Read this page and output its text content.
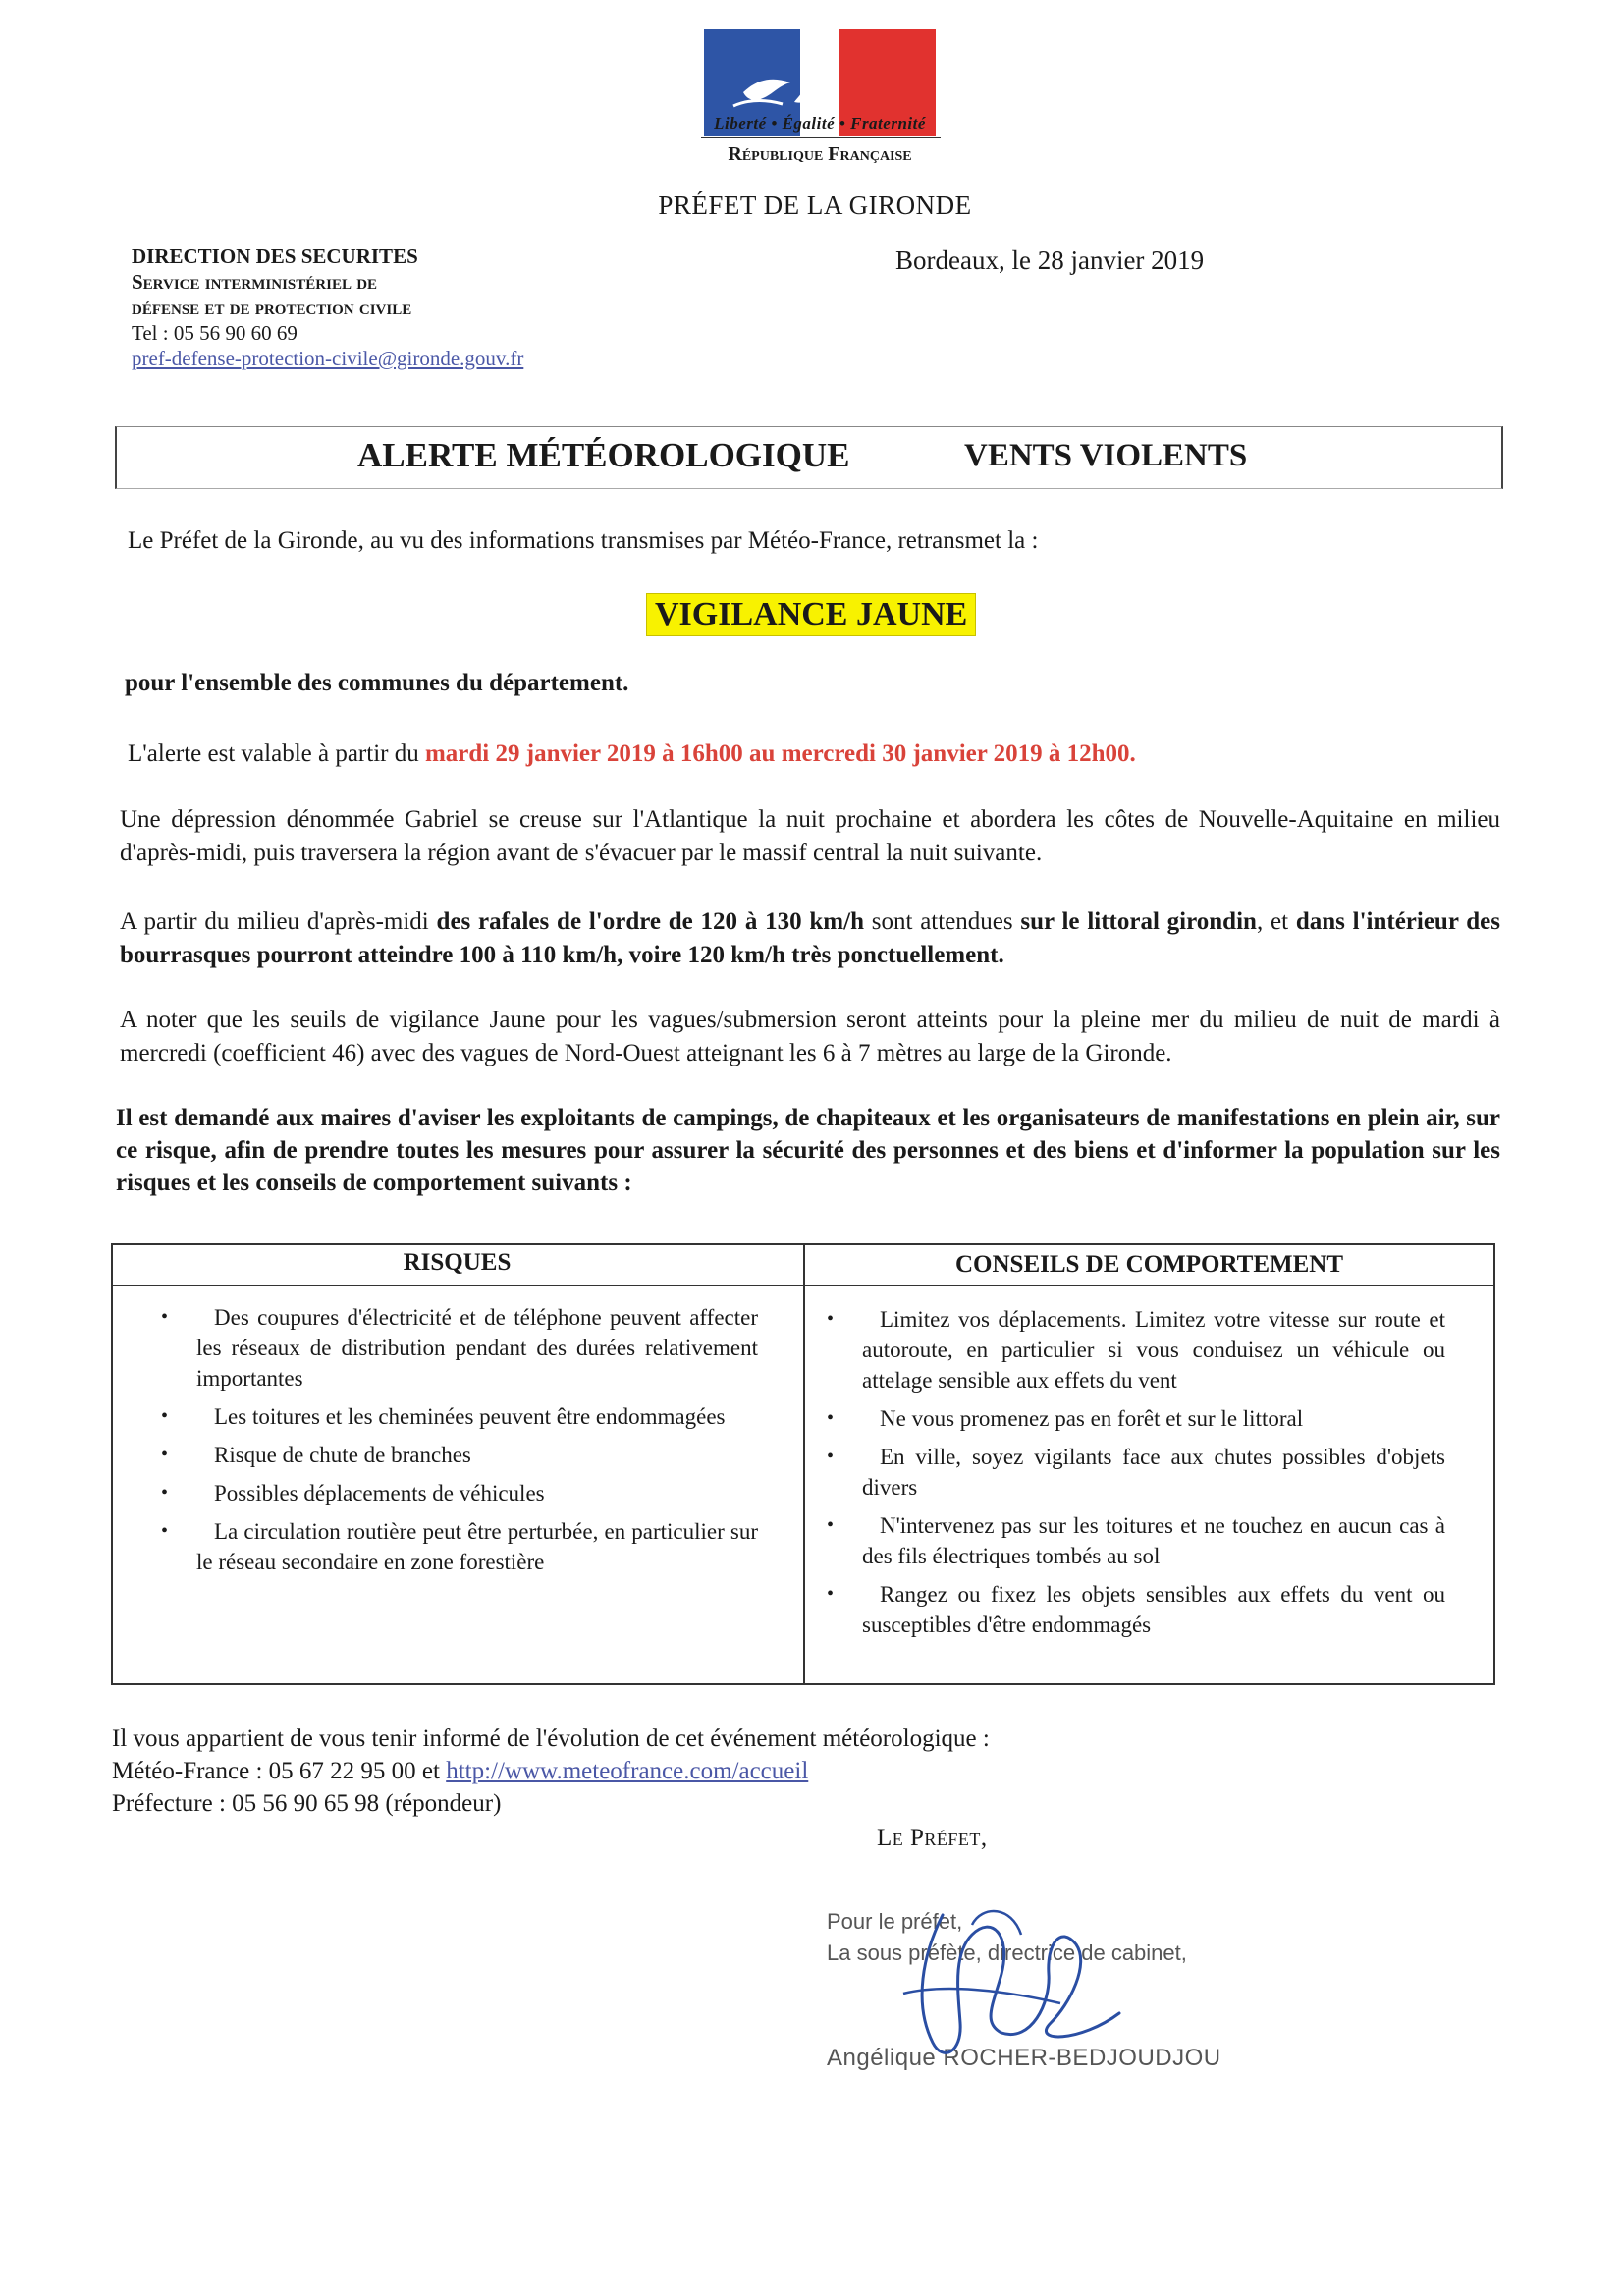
Liberté • Égalité • Fraternité
République Française
PRÉFET DE LA GIRONDE
DIRECTION DES SECURITES
Service interministériel de
défense et de protection civile
Tel : 05 56 90 60 69
pref-defense-protection-civile@gironde.gouv.fr
Bordeaux, le 28 janvier 2019
ALERTE MÉTÉOROLOGIQUE	VENTS VIOLENTS
Le Préfet de la Gironde, au vu des informations transmises par Météo-France, retransmet la :
VIGILANCE JAUNE
pour l'ensemble des communes du département.
L'alerte est valable à partir du mardi 29 janvier 2019 à 16h00 au mercredi 30 janvier 2019 à 12h00.
Une dépression dénommée Gabriel se creuse sur l'Atlantique la nuit prochaine et abordera les côtes de Nouvelle-Aquitaine en milieu d'après-midi, puis traversera la région avant de s'évacuer par le massif central la nuit suivante.
A partir du milieu d'après-midi des rafales de l'ordre de 120 à 130 km/h sont attendues sur le littoral girondin, et dans l'intérieur des bourrasques pourront atteindre 100 à 110 km/h, voire 120 km/h très ponctuellement.
A noter que les seuils de vigilance Jaune pour les vagues/submersion seront atteints pour la pleine mer du milieu de nuit de mardi à mercredi (coefficient 46) avec des vagues de Nord-Ouest atteignant les 6 à 7 mètres au large de la Gironde.
Il est demandé aux maires d'aviser les exploitants de campings, de chapiteaux et les organisateurs de manifestations en plein air, sur ce risque, afin de prendre toutes les mesures pour assurer la sécurité des personnes et des biens et d'informer la population sur les risques et les conseils de comportement suivants :
RISQUES	CONSEILS DE COMPORTEMENT
• Des coupures d'électricité et de téléphone peuvent affecter les réseaux de distribution pendant des durées relativement importantes
• Les toitures et les cheminées peuvent être endommagées
• Risque de chute de branches
• Possibles déplacements de véhicules
• La circulation routière peut être perturbée, en particulier sur le réseau secondaire en zone forestière
• Limitez vos déplacements. Limitez votre vitesse sur route et autoroute, en particulier si vous conduisez un véhicule ou attelage sensible aux effets du vent
• Ne vous promenez pas en forêt et sur le littoral
• En ville, soyez vigilants face aux chutes possibles d'objets divers
• N'intervenez pas sur les toitures et ne touchez en aucun cas à des fils électriques tombés au sol
• Rangez ou fixez les objets sensibles aux effets du vent ou susceptibles d'être endommagés
Il vous appartient de vous tenir informé de l'évolution de cet événement météorologique :
Météo-France : 05 67 22 95 00 et http://www.meteofrance.com/accueil
Préfecture : 05 56 90 65 98 (répondeur)
Le Préfet,
Pour le préfet,
La sous préfète, directrice de cabinet,
Angélique ROCHER-BEDJOUDJOU
